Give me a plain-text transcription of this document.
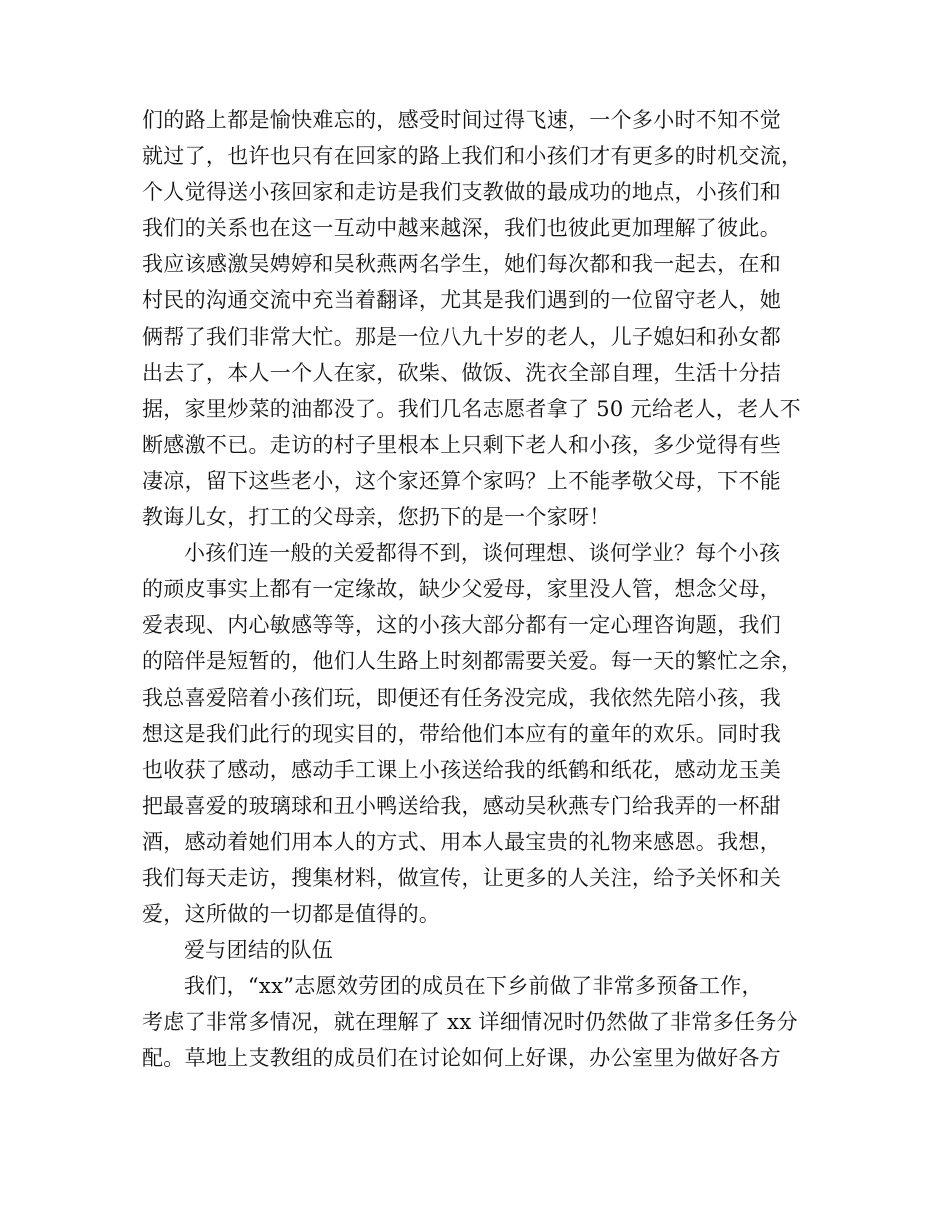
们的路上都是愉快难忘的，感受时间过得飞速，一个多小时不知不觉
就过了，也许也只有在回家的路上我们和小孩们才有更多的时机交流，
个人觉得送小孩回家和走访是我们支教做的最成功的地点，小孩们和
我们的关系也在这一互动中越来越深，我们也彼此更加理解了彼此。
我应该感激吴娉婷和吴秋燕两名学生，她们每次都和我一起去，在和
村民的沟通交流中充当着翻译，尤其是我们遇到的一位留守老人，她
俩帮了我们非常大忙。那是一位八九十岁的老人，儿子媳妇和孙女都
出去了，本人一个人在家，砍柴、做饭、洗衣全部自理，生活十分拮
据，家里炒菜的油都没了。我们几名志愿者拿了 50 元给老人，老人不
断感激不已。走访的村子里根本上只剩下老人和小孩，多少觉得有些
凄凉，留下这些老小，这个家还算个家吗？上不能孝敬父母，下不能
教诲儿女，打工的父母亲，您扔下的是一个家呀！
小孩们连一般的关爱都得不到，谈何理想、谈何学业？每个小孩
的顽皮事实上都有一定缘故，缺少父爱母，家里没人管，想念父母，
爱表现、内心敏感等等，这的小孩大部分都有一定心理咨询题，我们
的陪伴是短暂的，他们人生路上时刻都需要关爱。每一天的繁忙之余，
我总喜爱陪着小孩们玩，即便还有任务没完成，我依然先陪小孩，我
想这是我们此行的现实目的，带给他们本应有的童年的欢乐。同时我
也收获了感动，感动手工课上小孩送给我的纸鹤和纸花，感动龙玉美
把最喜爱的玻璃球和丑小鸭送给我，感动吴秋燕专门给我弄的一杯甜
酒，感动着她们用本人的方式、用本人最宝贵的礼物来感恩。我想，
我们每天走访，搜集材料，做宣传，让更多的人关注，给予关怀和关
爱，这所做的一切都是值得的。
爱与团结的队伍
我们，“xx”志愿效劳团的成员在下乡前做了非常多预备工作，
考虑了非常多情况，就在理解了 xx 详细情况时仍然做了非常多任务分
配。草地上支教组的成员们在讨论如何上好课，办公室里为做好各方
